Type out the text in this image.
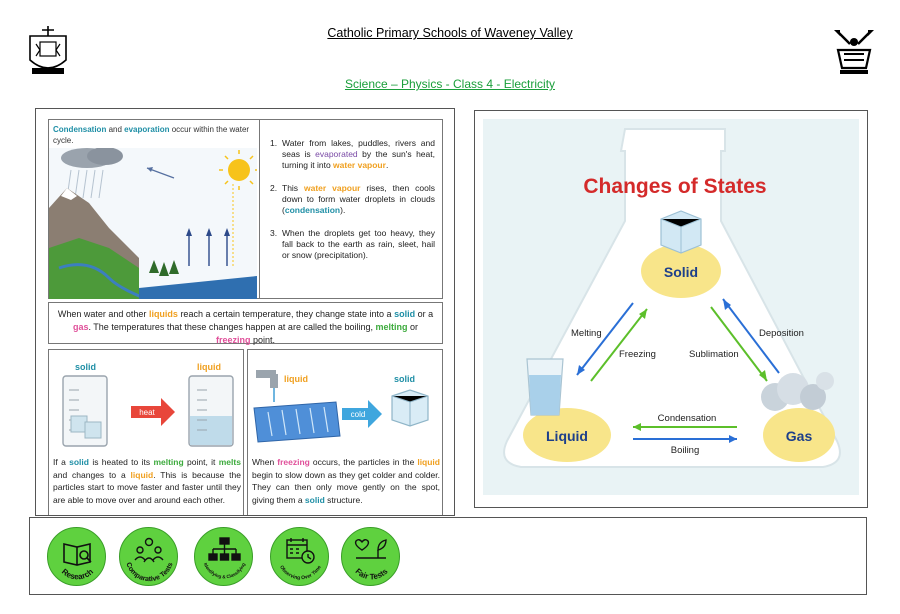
Catholic Primary Schools of Waveney Valley
Science – Physics - Class 4 - Electricity
Condensation and evaporation occur within the water cycle.	1. Water from lakes, puddles, rivers and seas is evaporated by the sun's heat, turning it into water vapour.
2. This water vapour rises, then cools down to form water droplets in clouds (condensation).
3. When the droplets get too heavy, they fall back to the earth as rain, sleet, hail or snow (precipitation).
When water and other liquids reach a certain temperature, they change state into a solid or a gas. The temperatures that these changes happen at are called the boiling, melting or freezing point.
solid	liquid
heat
If a solid is heated to its melting point, it melts and changes to a liquid. This is because the particles start to move faster and faster until they are able to move over and around each other.
liquid	solid
cold
When freezing occurs, the particles in the liquid begin to slow down as they get colder and colder. They can then only move gently on the spot, giving them a solid structure.
Changes of States
Solid
Liquid	Gas
Melting
Freezing	Sublimation
Deposition
Condensation
Boiling
Research
Comparative Tests	Identifying & Classifying
Observing Over Time	Fair Tests
